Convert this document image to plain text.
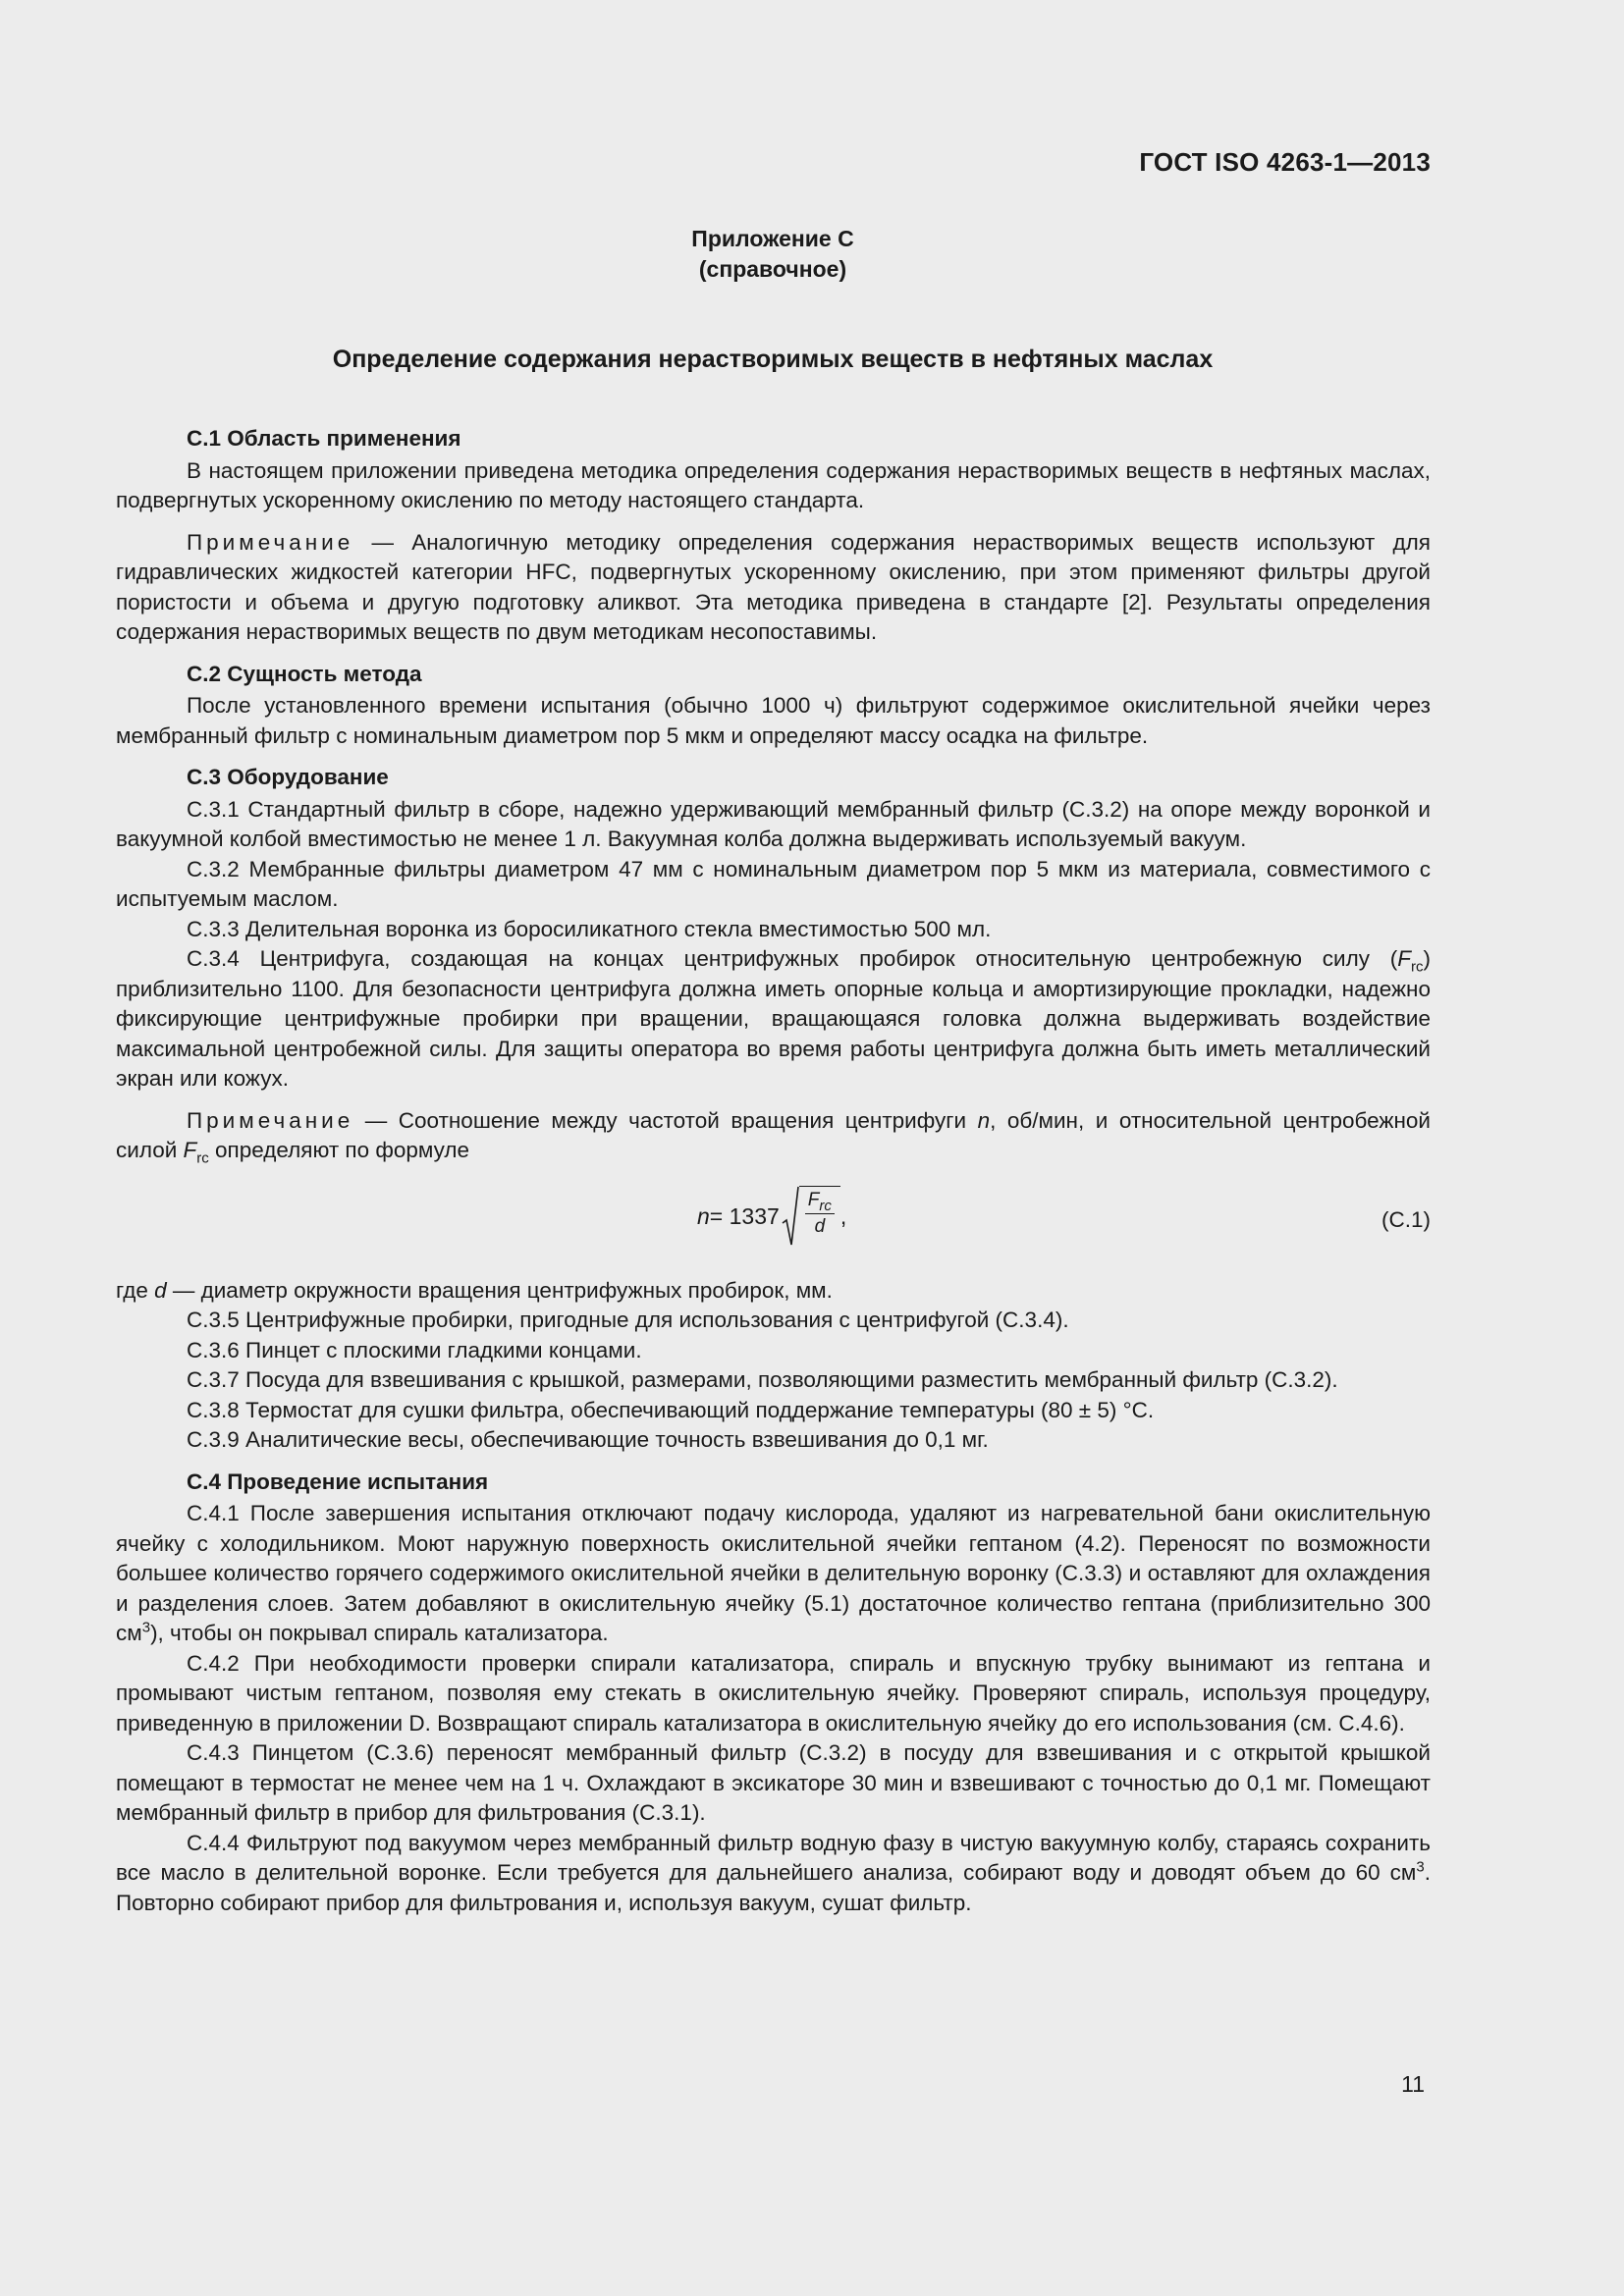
ГОСТ ISO 4263-1—2013
Приложение С
(справочное)
Определение содержания нерастворимых веществ в нефтяных маслах
С.1 Область применения

В настоящем приложении приведена методика определения содержания нерастворимых веществ в нефтяных маслах, подвергнутых ускоренному окислению по методу настоящего стандарта.

Примечание — Аналогичную методику определения содержания нерастворимых веществ используют для гидравлических жидкостей категории HFC, подвергнутых ускоренному окислению, при этом применяют фильтры другой пористости и объема и другую подготовку аликвот. Эта методика приведена в стандарте [2]. Результаты определения содержания нерастворимых веществ по двум методикам несопоставимы.

С.2 Сущность метода

После установленного времени испытания (обычно 1000 ч) фильтруют содержимое окислительной ячейки через мембранный фильтр с номинальным диаметром пор 5 мкм и определяют массу осадка на фильтре.

С.3 Оборудование

С.3.1 Стандартный фильтр в сборе, надежно удерживающий мембранный фильтр (С.3.2) на опоре между воронкой и вакуумной колбой вместимостью не менее 1 л. Вакуумная колба должна выдерживать используемый вакуум.

С.3.2 Мембранные фильтры диаметром 47 мм с номинальным диаметром пор 5 мкм из материала, совместимого с испытуемым маслом.

С.3.3 Делительная воронка из боросиликатного стекла вместимостью 500 мл.

С.3.4 Центрифуга, создающая на концах центрифужных пробирок относительную центробежную силу $(F_{rc})$ приблизительно 1100. Для безопасности центрифуга должна иметь опорные кольца и амортизирующие прокладки, надежно фиксирующие центрифужные пробирки при вращении, вращающаяся головка должна выдерживать воздействие максимальной центробежной силы. Для защиты оператора во время работы центрифуга должна быть иметь металлический экран или кожух.

Примечание — Соотношение между частотой вращения центрифуги n, об/мин, и относительной центробежной силой $F_{rc}$ определяют по формуле

$n = 1337 \frac{F_{rc}}{d}$ ,	(С.1)

где d — диаметр окружности вращения центрифужных пробирок, мм.

С.3.5 Центрифужные пробирки, пригодные для использования с центрифугой (С.3.4).

С.3.6 Пинцет с плоскими гладкими концами.

С.3.7 Посуда для взвешивания с крышкой, размерами, позволяющими разместить мембранный фильтр (С.3.2).

С.3.8 Термостат для сушки фильтра, обеспечивающий поддержание температуры (80 ± 5) °С.

С.3.9 Аналитические весы, обеспечивающие точность взвешивания до 0,1 мг.

С.4 Проведение испытания

С.4.1 После завершения испытания отключают подачу кислорода, удаляют из нагревательной бани окислительную ячейку с холодильником. Моют наружную поверхность окислительной ячейки гептаном (4.2). Переносят по возможности большее количество горячего содержимого окислительной ячейки в делительную воронку (С.3.3) и оставляют для охлаждения и разделения слоев. Затем добавляют в окислительную ячейку (5.1) достаточное количество гептана (приблизительно 300 $см^3$), чтобы он покрывал спираль катализатора.

С.4.2 При необходимости проверки спирали катализатора, спираль и впускную трубку вынимают из гептана и промывают чистым гептаном, позволяя ему стекать в окислительную ячейку. Проверяют спираль, используя процедуру, приведенную в приложении D. Возвращают спираль катализатора в окислительную ячейку до его использования (см. С.4.6).

С.4.3 Пинцетом (С.3.6) переносят мембранный фильтр (С.3.2) в посуду для взвешивания и с открытой крышкой помещают в термостат не менее чем на 1 ч. Охлаждают в эксикаторе 30 мин и взвешивают с точностью до 0,1 мг. Помещают мембранный фильтр в прибор для фильтрования (С.3.1).

С.4.4 Фильтруют под вакуумом через мембранный фильтр водную фазу в чистую вакуумную колбу, стараясь сохранить все масло в делительной воронке. Если требуется для дальнейшего анализа, собирают воду и доводят объем до 60 $см^3$. Повторно собирают прибор для фильтрования и, используя вакуум, сушат фильтр.

11
